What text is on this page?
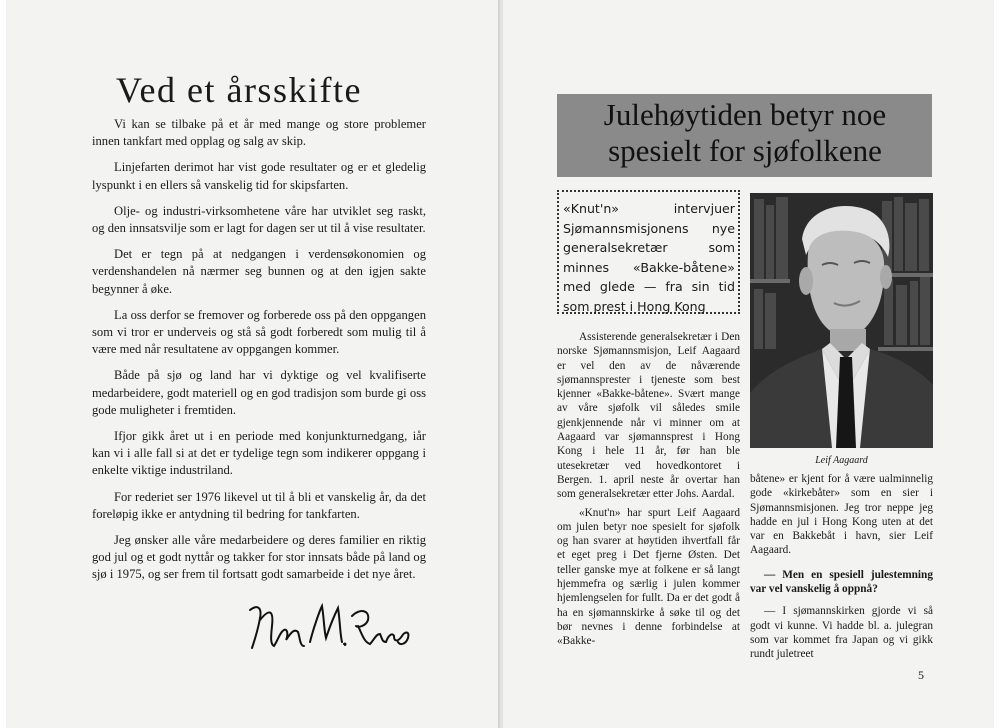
Ved et årsskifte

Vi kan se tilbake på et år med mange og store problemer innen tankfart med opplag og salg av skip.

Linjefarten derimot har vist gode resultater og er et gledelig lyspunkt i en ellers så vanskelig tid for skipsfarten.

Olje- og industri-virksomhetene våre har utviklet seg raskt, og den innsatsvilje som er lagt for dagen ser ut til å vise resultater.

Det er tegn på at nedgangen i verdensøkonomien og verdenshandelen nå nærmer seg bunnen og at den igjen sakte begynner å øke.

La oss derfor se fremover og forberede oss på den oppgangen som vi tror er underveis og stå så godt forberedt som mulig til å være med når resultatene av oppgangen kommer.

Både på sjø og land har vi dyktige og vel kvalifiserte medarbeidere, godt materiell og en god tradisjon som burde gi oss gode muligheter i fremtiden.

Ifjor gikk året ut i en periode med konjunkturnedgang, iår kan vi i alle fall si at det er tydelige tegn som indikerer oppgang i enkelte viktige industriland.

For rederiet ser 1976 likevel ut til å bli et vanskelig år, da det foreløpig ikke er antydning til bedring for tankfarten.

Jeg ønsker alle våre medarbeidere og deres familier en riktig god jul og et godt nyttår og takker for stor innsats både på land og sjø i 1975, og ser frem til fortsatt godt samarbeide i det nye året.

Julehøytiden betyr noe spesielt for sjøfolkene
«Knut'n» intervjuer Sjømannsmisjonens nye generalsekretær som minnes «Bakke-båtene» med glede — fra sin tid som prest i Hong Kong
Leif Aagaard

Assisterende generalsekretær i Den norske Sjømannsmisjon, Leif Aagaard er vel den av de nåværende sjømannsprester i tjeneste som best kjenner «Bakke-båtene». Svært mange av våre sjøfolk vil således smile gjenkjennende når vi minner om at Aagaard var sjømannsprest i Hong Kong i hele 11 år, før han ble utesekretær ved hovedkontoret i Bergen. 1. april neste år overtar han som generalsekretær etter Johs. Aardal.

«Knut'n» har spurt Leif Aagaard om julen betyr noe spesielt for sjøfolk og han svarer at høytiden ihvertfall får et eget preg i Det fjerne Østen. Det teller ganske mye at folkene er så langt hjemmefra og særlig i julen kommer hjemlengselen for fullt. Da er det godt å ha en sjømannskirke å søke til og det bør nevnes i denne forbindelse at «Bakke-

båtene» er kjent for å være ualminnelig gode «kirkebåter» som en sier i Sjømannsmisjonen. Jeg tror neppe jeg hadde en jul i Hong Kong uten at det var en Bakkebåt i havn, sier Leif Aagaard.

— Men en spesiell julestemning var vel vanskelig å oppnå?

— I sjømannskirken gjorde vi så godt vi kunne. Vi hadde bl. a. julegran som var kommet fra Japan og vi gikk rundt juletreet

5
